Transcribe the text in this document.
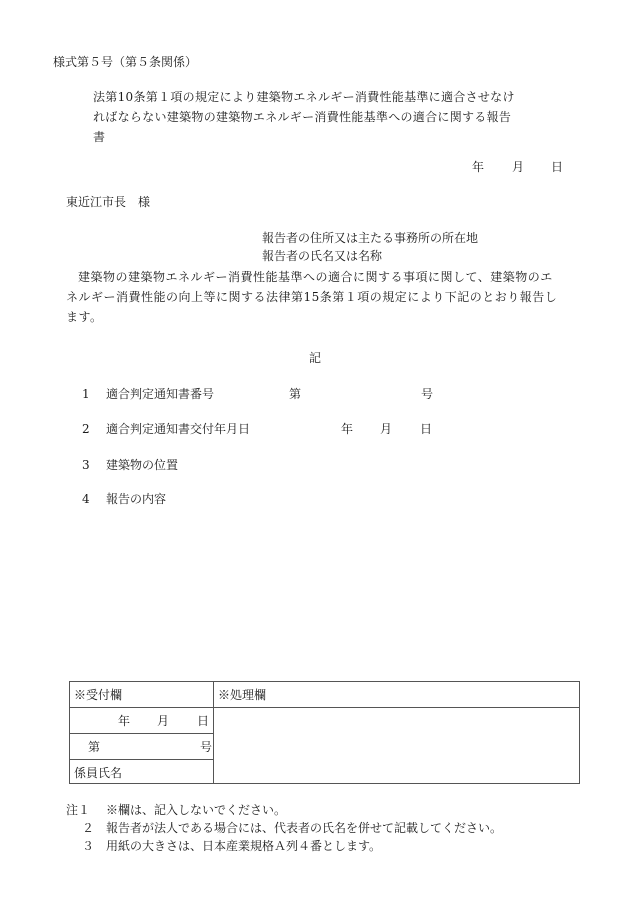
様式第５号（第５条関係）
法第10条第１項の規定により建築物エネルギー消費性能基準に適合させなけ
ればならない建築物の建築物エネルギー消費性能基準への適合に関する報告
書
年 月 日
東近江市長　様
報告者の住所又は主たる事務所の所在地
報告者の氏名又は名称
建築物の建築物エネルギー消費性能基準への適合に関する事項に関して、建築物のエ
ネルギー消費性能の向上等に関する法律第15条第１項の規定により下記のとおり報告し
ます。
記
1 適合判定通知書番号	第	号
2 適合判定通知書交付年月日	年 月 日
3 建築物の位置
4 報告の内容
※受付欄	※処理欄
年 月 日
第	号
係員氏名
注１ ※欄は、記入しないでください。
２ 報告者が法人である場合には、代表者の氏名を併せて記載してください。
３ 用紙の大きさは、日本産業規格Ａ列４番とします。
